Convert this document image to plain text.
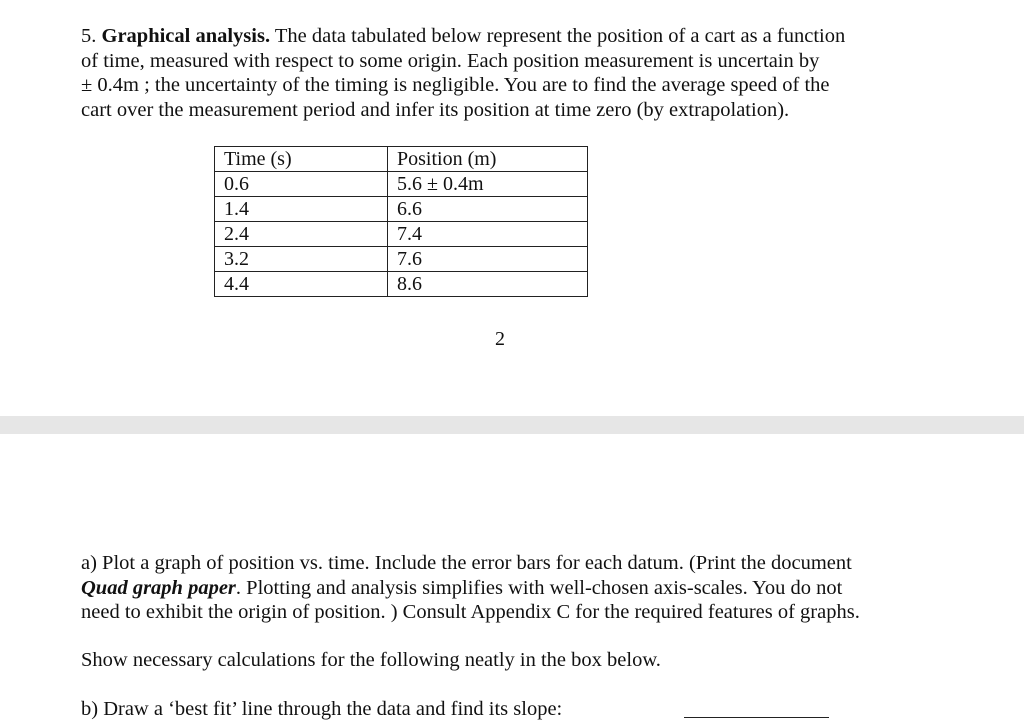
5. Graphical analysis. The data tabulated below represent the position of a cart as a function
of time, measured with respect to some origin. Each position measurement is uncertain by
± 0.4m ; the uncertainty of the timing is negligible. You are to find the average speed of the
cart over the measurement period and infer its position at time zero (by extrapolation).

Time (s)	Position (m)
0.6	5.6 ± 0.4m
1.4	6.6
2.4	7.4
3.2	7.6
4.4	8.6
2

a) Plot a graph of position vs. time. Include the error bars for each datum. (Print the document
Quad graph paper. Plotting and analysis simplifies with well-chosen axis-scales. You do not
need to exhibit the origin of position. ) Consult Appendix C for the required features of graphs.

Show necessary calculations for the following neatly in the box below.

b) Draw a ‘best fit’ line through the data and find its slope:
